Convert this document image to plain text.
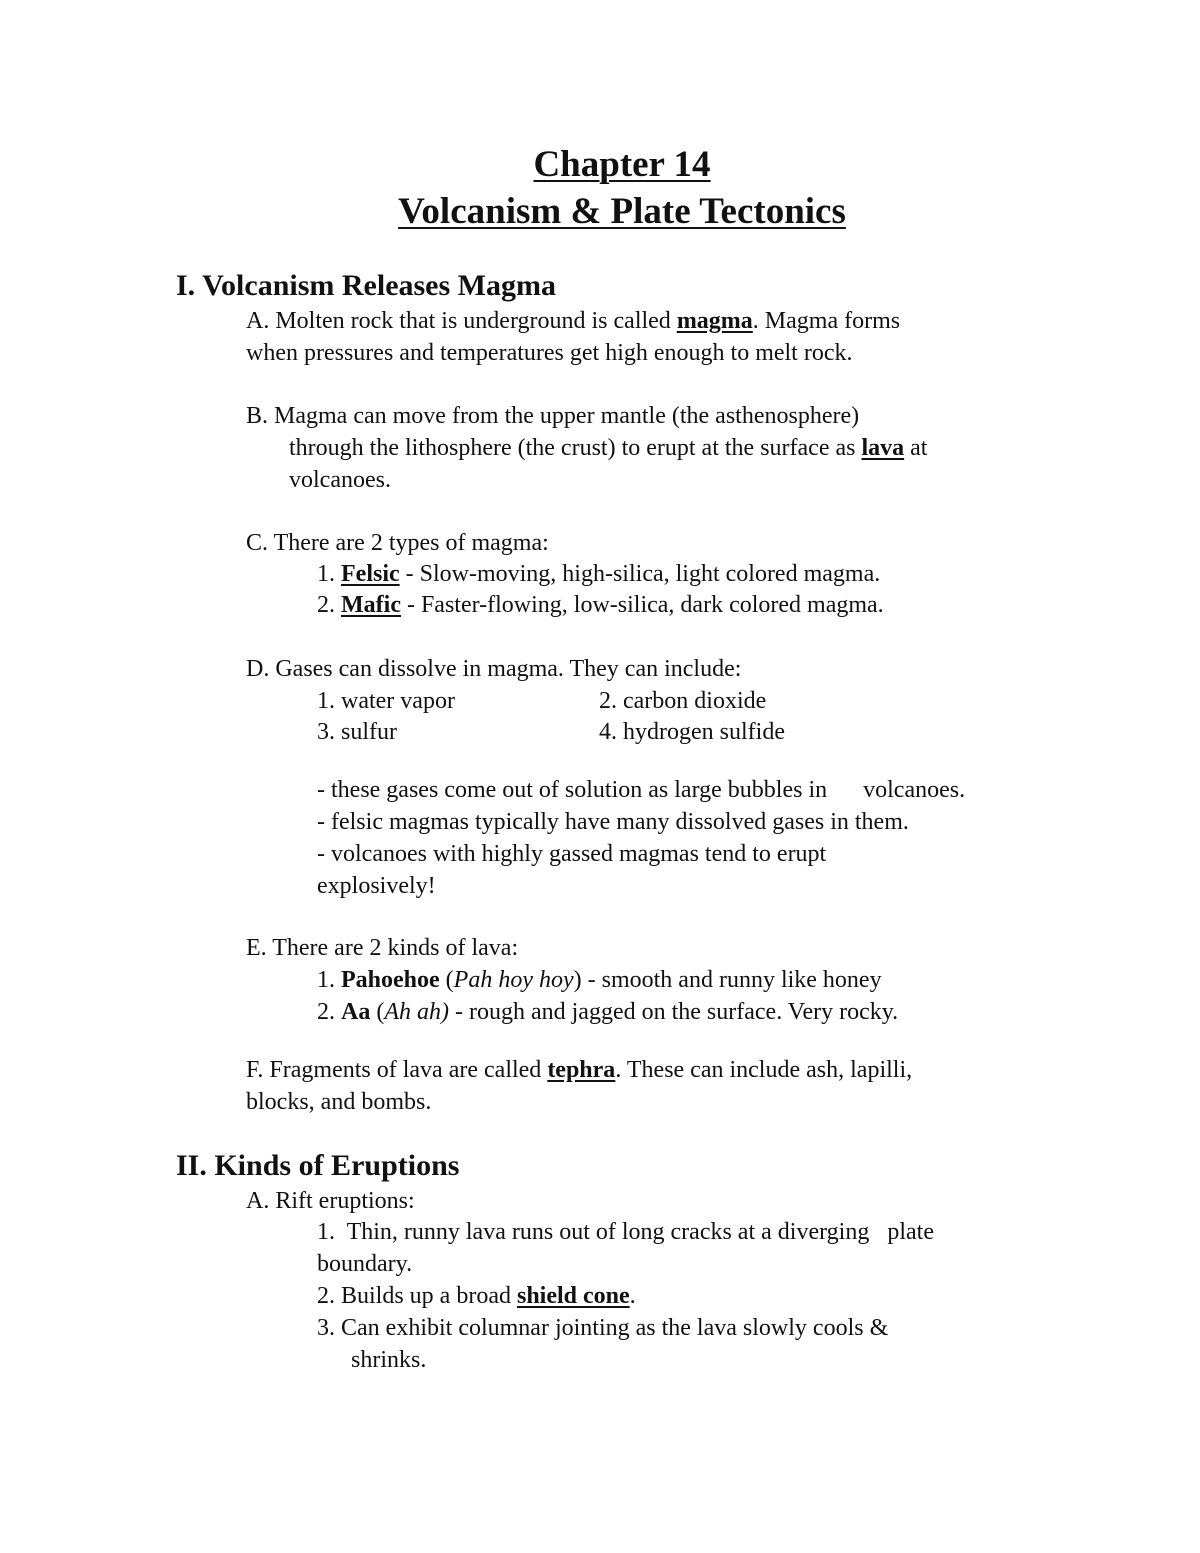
Chapter 14
Volcanism & Plate Tectonics
I. Volcanism Releases Magma
A. Molten rock that is underground is called magma. Magma forms
when pressures and temperatures get high enough to melt rock.
B. Magma can move from the upper mantle (the asthenosphere)
through the lithosphere (the crust) to erupt at the surface as lava at
volcanoes.
C. There are 2 types of magma:
1. Felsic - Slow-moving, high-silica, light colored magma.
2. Mafic - Faster-flowing, low-silica, dark colored magma.
D. Gases can dissolve in magma. They can include:
1. water vapor	2. carbon dioxide
3. sulfur	4. hydrogen sulfide
- these gases come out of solution as large bubbles in      volcanoes.
- felsic magmas typically have many dissolved gases in them.
- volcanoes with highly gassed magmas tend to erupt
explosively!
E. There are 2 kinds of lava:
1. Pahoehoe (Pah hoy hoy) - smooth and runny like honey
2. Aa (Ah ah) - rough and jagged on the surface. Very rocky.
F. Fragments of lava are called tephra. These can include ash, lapilli,
blocks, and bombs.
II. Kinds of Eruptions
A. Rift eruptions:
1.  Thin, runny lava runs out of long cracks at a diverging   plate
boundary.
2. Builds up a broad shield cone.
3. Can exhibit columnar jointing as the lava slowly cools &
shrinks.
